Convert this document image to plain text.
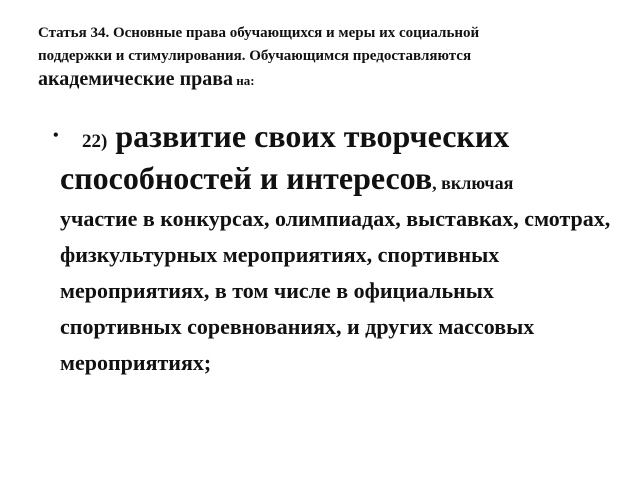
Статья 34. Основные права обучающихся и меры их социальной
поддержки и стимулирования. Обучающимся предоставляются
академические права на:
• 22) развитие своих творческих
способностей и интересов, включая
участие в конкурсах, олимпиадах, выставках, смотрах, физкультурных мероприятиях, спортивных мероприятиях, в том числе в официальных спортивных соревнованиях, и других массовых мероприятиях;
